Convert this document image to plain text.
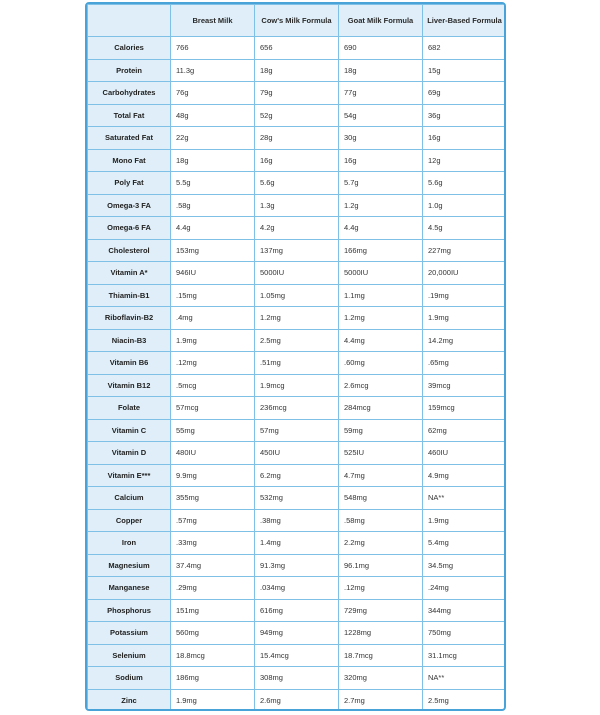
	Breast Milk	Cow's Milk Formula	Goat Milk Formula	Liver-Based Formula
Calories	766	656	690	682
Protein	11.3g	18g	18g	15g
Carbohydrates	76g	79g	77g	69g
Total Fat	48g	52g	54g	36g
Saturated Fat	22g	28g	30g	16g
Mono Fat	18g	16g	16g	12g
Poly Fat	5.5g	5.6g	5.7g	5.6g
Omega-3 FA	.58g	1.3g	1.2g	1.0g
Omega-6 FA	4.4g	4.2g	4.4g	4.5g
Cholesterol	153mg	137mg	166mg	227mg
Vitamin A*	946IU	5000IU	5000IU	20,000IU
Thiamin-B1	.15mg	1.05mg	1.1mg	.19mg
Riboflavin-B2	.4mg	1.2mg	1.2mg	1.9mg
Niacin-B3	1.9mg	2.5mg	4.4mg	14.2mg
Vitamin B6	.12mg	.51mg	.60mg	.65mg
Vitamin B12	.5mcg	1.9mcg	2.6mcg	39mcg
Folate	57mcg	236mcg	284mcg	159mcg
Vitamin C	55mg	57mg	59mg	62mg
Vitamin D	480IU	450IU	525IU	460IU
Vitamin E***	9.9mg	6.2mg	4.7mg	4.9mg
Calcium	355mg	532mg	548mg	NA**
Copper	.57mg	.38mg	.58mg	1.9mg
Iron	.33mg	1.4mg	2.2mg	5.4mg
Magnesium	37.4mg	91.3mg	96.1mg	34.5mg
Manganese	.29mg	.034mg	.12mg	.24mg
Phosphorus	151mg	616mg	729mg	344mg
Potassium	560mg	949mg	1228mg	750mg
Selenium	18.8mcg	15.4mcg	18.7mcg	31.1mcg
Sodium	186mg	308mg	320mg	NA**
Zinc	1.9mg	2.6mg	2.7mg	2.5mg
